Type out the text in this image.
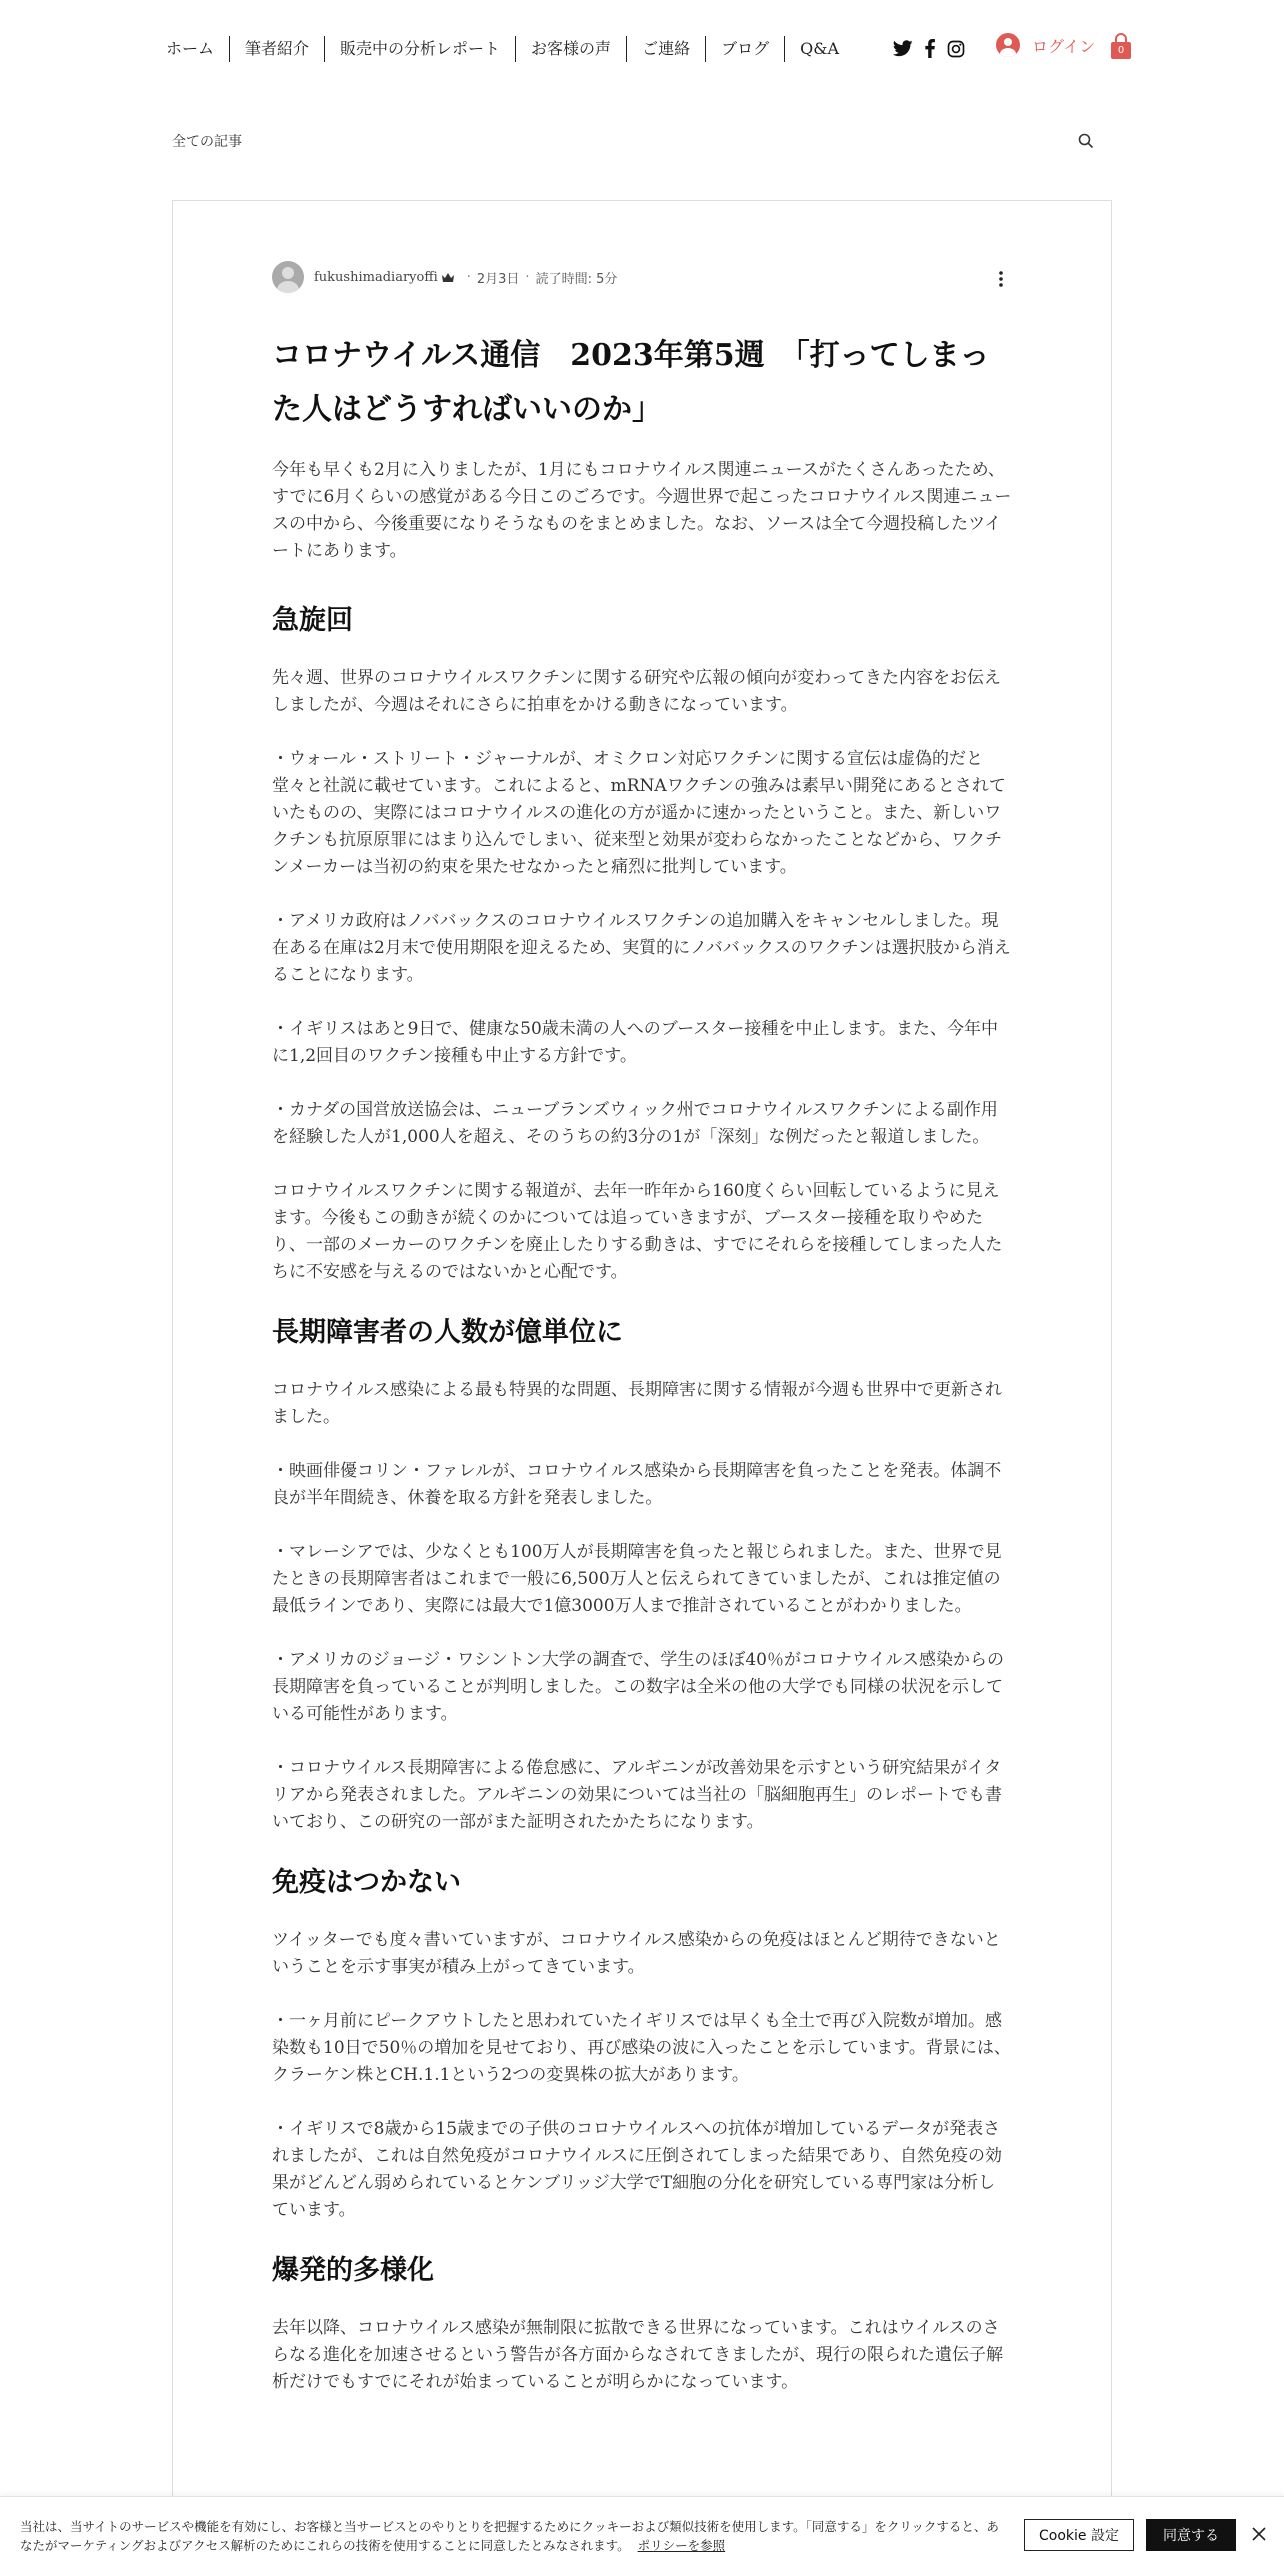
ホーム	筆者紹介	販売中の分析レポート	お客様の声	ご連絡	ブログ	Q&A	ログイン	0
全ての記事
fukushimadiaryoffi · 2月3日 · 読了時間: 5分
コロナウイルス通信　2023年第5週　「打ってしまった人はどうすればいいのか」

今年も早くも2月に入りましたが、1月にもコロナウイルス関連ニュースがたくさんあったため、すでに6月くらいの感覚がある今日このごろです。今週世界で起こったコロナウイルス関連ニュースの中から、今後重要になりそうなものをまとめました。なお、ソースは全て今週投稿したツイートにあります。

急旋回

先々週、世界のコロナウイルスワクチンに関する研究や広報の傾向が変わってきた内容をお伝えしましたが、今週はそれにさらに拍車をかける動きになっています。

・ウォール・ストリート・ジャーナルが、オミクロン対応ワクチンに関する宣伝は虚偽的だと堂々と社説に載せています。これによると、mRNAワクチンの強みは素早い開発にあるとされていたものの、実際にはコロナウイルスの進化の方が遥かに速かったということ。また、新しいワクチンも抗原原罪にはまり込んでしまい、従来型と効果が変わらなかったことなどから、ワクチンメーカーは当初の約束を果たせなかったと痛烈に批判しています。

・アメリカ政府はノババックスのコロナウイルスワクチンの追加購入をキャンセルしました。現在ある在庫は2月末で使用期限を迎えるため、実質的にノババックスのワクチンは選択肢から消えることになります。

・イギリスはあと9日で、健康な50歳未満の人へのブースター接種を中止します。また、今年中に1,2回目のワクチン接種も中止する方針です。

・カナダの国営放送協会は、ニューブランズウィック州でコロナウイルスワクチンによる副作用を経験した人が1,000人を超え、そのうちの約3分の1が「深刻」な例だったと報道しました。

コロナウイルスワクチンに関する報道が、去年一昨年から160度くらい回転しているように見えます。今後もこの動きが続くのかについては追っていきますが、ブースター接種を取りやめたり、一部のメーカーのワクチンを廃止したりする動きは、すでにそれらを接種してしまった人たちに不安感を与えるのではないかと心配です。

長期障害者の人数が億単位に

コロナウイルス感染による最も特異的な問題、長期障害に関する情報が今週も世界中で更新されました。

・映画俳優コリン・ファレルが、コロナウイルス感染から長期障害を負ったことを発表。体調不良が半年間続き、休養を取る方針を発表しました。

・マレーシアでは、少なくとも100万人が長期障害を負ったと報じられました。また、世界で見たときの長期障害者はこれまで一般に6,500万人と伝えられてきていましたが、これは推定値の最低ラインであり、実際には最大で1億3000万人まで推計されていることがわかりました。

・アメリカのジョージ・ワシントン大学の調査で、学生のほぼ40％がコロナウイルス感染からの長期障害を負っていることが判明しました。この数字は全米の他の大学でも同様の状況を示している可能性があります。

・コロナウイルス長期障害による倦怠感に、アルギニンが改善効果を示すという研究結果がイタリアから発表されました。アルギニンの効果については当社の「脳細胞再生」のレポートでも書いており、この研究の一部がまた証明されたかたちになります。

免疫はつかない

ツイッターでも度々書いていますが、コロナウイルス感染からの免疫はほとんど期待できないということを示す事実が積み上がってきています。

・一ヶ月前にピークアウトしたと思われていたイギリスでは早くも全土で再び入院数が増加。感染数も10日で50％の増加を見せており、再び感染の波に入ったことを示しています。背景には、クラーケン株とCH.1.1という2つの変異株の拡大があります。

・イギリスで8歳から15歳までの子供のコロナウイルスへの抗体が増加しているデータが発表されましたが、これは自然免疫がコロナウイルスに圧倒されてしまった結果であり、自然免疫の効果がどんどん弱められているとケンブリッジ大学でT細胞の分化を研究している専門家は分析しています。

爆発的多様化

去年以降、コロナウイルス感染が無制限に拡散できる世界になっています。これはウイルスのさらなる進化を加速させるという警告が各方面からなされてきましたが、現行の限られた遺伝子解析だけでもすでにそれが始まっていることが明らかになっています。

当社は、当サイトのサービスや機能を有効にし、お客様と当サービスとのやりとりを把握するためにクッキーおよび類似技術を使用します。「同意する」をクリックすると、あなたがマーケティングおよびアクセス解析のためにこれらの技術を使用することに同意したとみなされます。 ポリシーを参照
Cookie 設定	同意する
